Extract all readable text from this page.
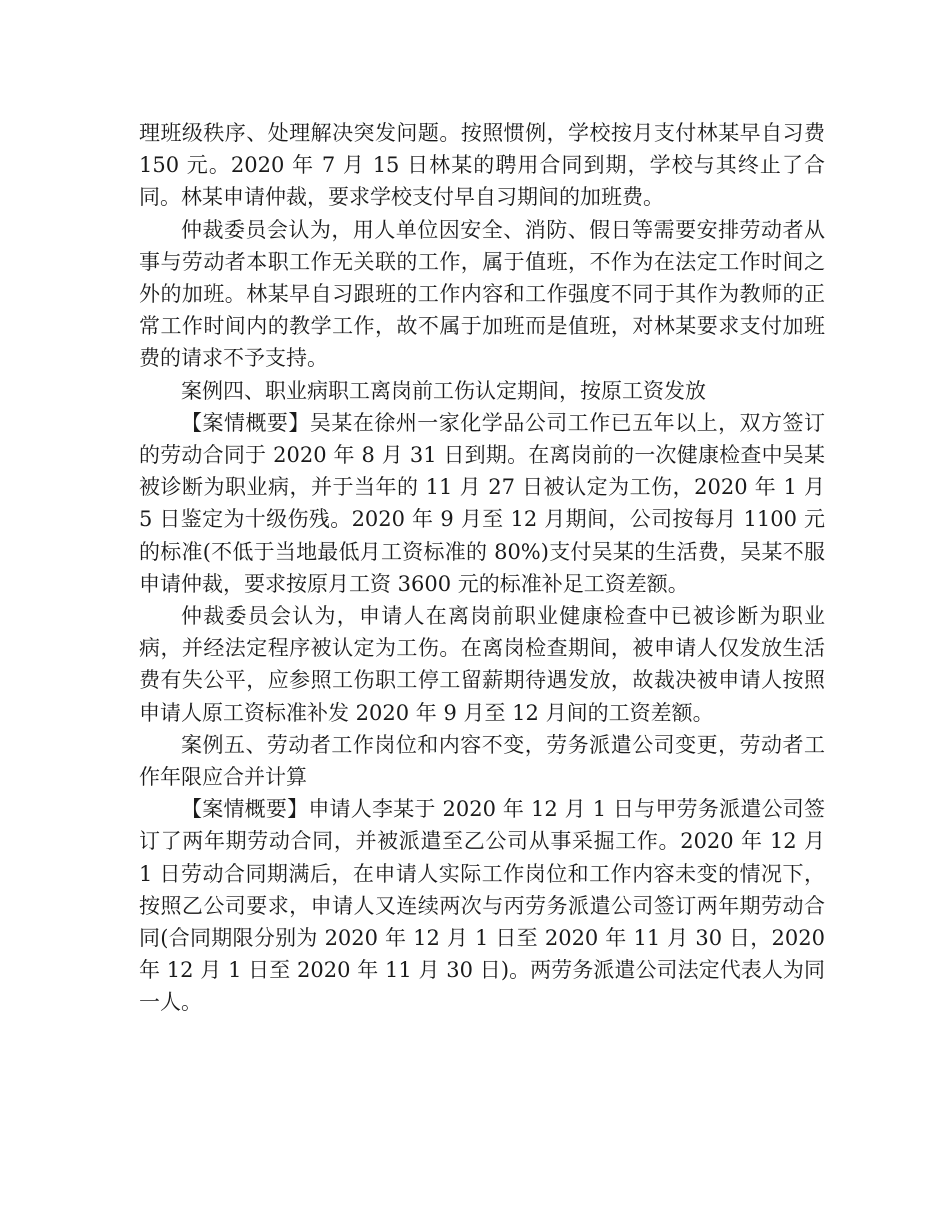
理班级秩序、处理解决突发问题。按照惯例，学校按月支付林某早自习费 150 元。2020 年 7 月 15 日林某的聘用合同到期，学校与其终止了合同。林某申请仲裁，要求学校支付早自习期间的加班费。

仲裁委员会认为，用人单位因安全、消防、假日等需要安排劳动者从事与劳动者本职工作无关联的工作，属于值班，不作为在法定工作时间之外的加班。林某早自习跟班的工作内容和工作强度不同于其作为教师的正常工作时间内的教学工作，故不属于加班而是值班，对林某要求支付加班费的请求不予支持。

案例四、职业病职工离岗前工伤认定期间，按原工资发放

【案情概要】吴某在徐州一家化学品公司工作已五年以上，双方签订的劳动合同于 2020 年 8 月 31 日到期。在离岗前的一次健康检查中吴某被诊断为职业病，并于当年的 11 月 27 日被认定为工伤，2020 年 1 月 5 日鉴定为十级伤残。2020 年 9 月至 12 月期间，公司按每月 1100 元的标准(不低于当地最低月工资标准的 80%)支付吴某的生活费，吴某不服申请仲裁，要求按原月工资 3600 元的标准补足工资差额。

仲裁委员会认为，申请人在离岗前职业健康检查中已被诊断为职业病，并经法定程序被认定为工伤。在离岗检查期间，被申请人仅发放生活费有失公平，应参照工伤职工停工留薪期待遇发放，故裁决被申请人按照申请人原工资标准补发 2020 年 9 月至 12 月间的工资差额。

案例五、劳动者工作岗位和内容不变，劳务派遣公司变更，劳动者工作年限应合并计算

【案情概要】申请人李某于 2020 年 12 月 1 日与甲劳务派遣公司签订了两年期劳动合同，并被派遣至乙公司从事采掘工作。2020 年 12 月 1 日劳动合同期满后，在申请人实际工作岗位和工作内容未变的情况下，按照乙公司要求，申请人又连续两次与丙劳务派遣公司签订两年期劳动合同(合同期限分别为 2020 年 12 月 1 日至 2020 年 11 月 30 日，2020 年 12 月 1 日至 2020 年 11 月 30 日)。两劳务派遣公司法定代表人为同一人。
